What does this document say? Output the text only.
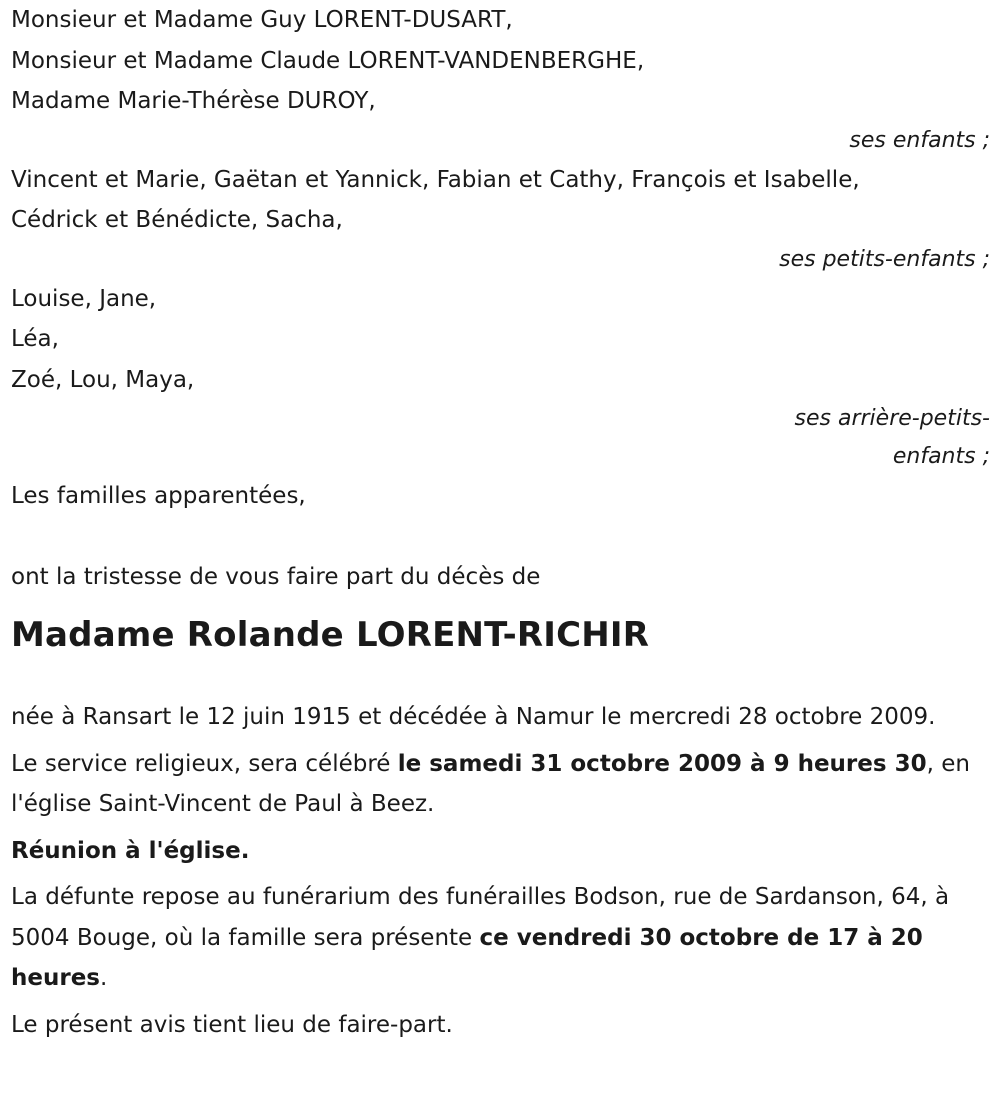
Monsieur et Madame Guy LORENT-DUSART,
Monsieur et Madame Claude LORENT-VANDENBERGHE,
Madame Marie-Thérèse DUROY,
ses enfants ;
Vincent et Marie, Gaëtan et Yannick, Fabian et Cathy, François et Isabelle,
Cédrick et Bénédicte, Sacha,
ses petits-enfants ;
Louise, Jane,
Léa,
Zoé, Lou, Maya,
ses arrière-petits-
enfants ;
Les familles apparentées,
ont la tristesse de vous faire part du décès de
Madame Rolande LORENT-RICHIR
née à Ransart le 12 juin 1915 et décédée à Namur le mercredi 28 octobre 2009.
Le service religieux, sera célébré le samedi 31 octobre 2009 à 9 heures 30, en l'église Saint-Vincent de Paul à Beez.
Réunion à l'église.
La défunte repose au funérarium des funérailles Bodson, rue de Sardanson, 64, à 5004 Bouge, où la famille sera présente ce vendredi 30 octobre de 17 à 20 heures.
Le présent avis tient lieu de faire-part.
